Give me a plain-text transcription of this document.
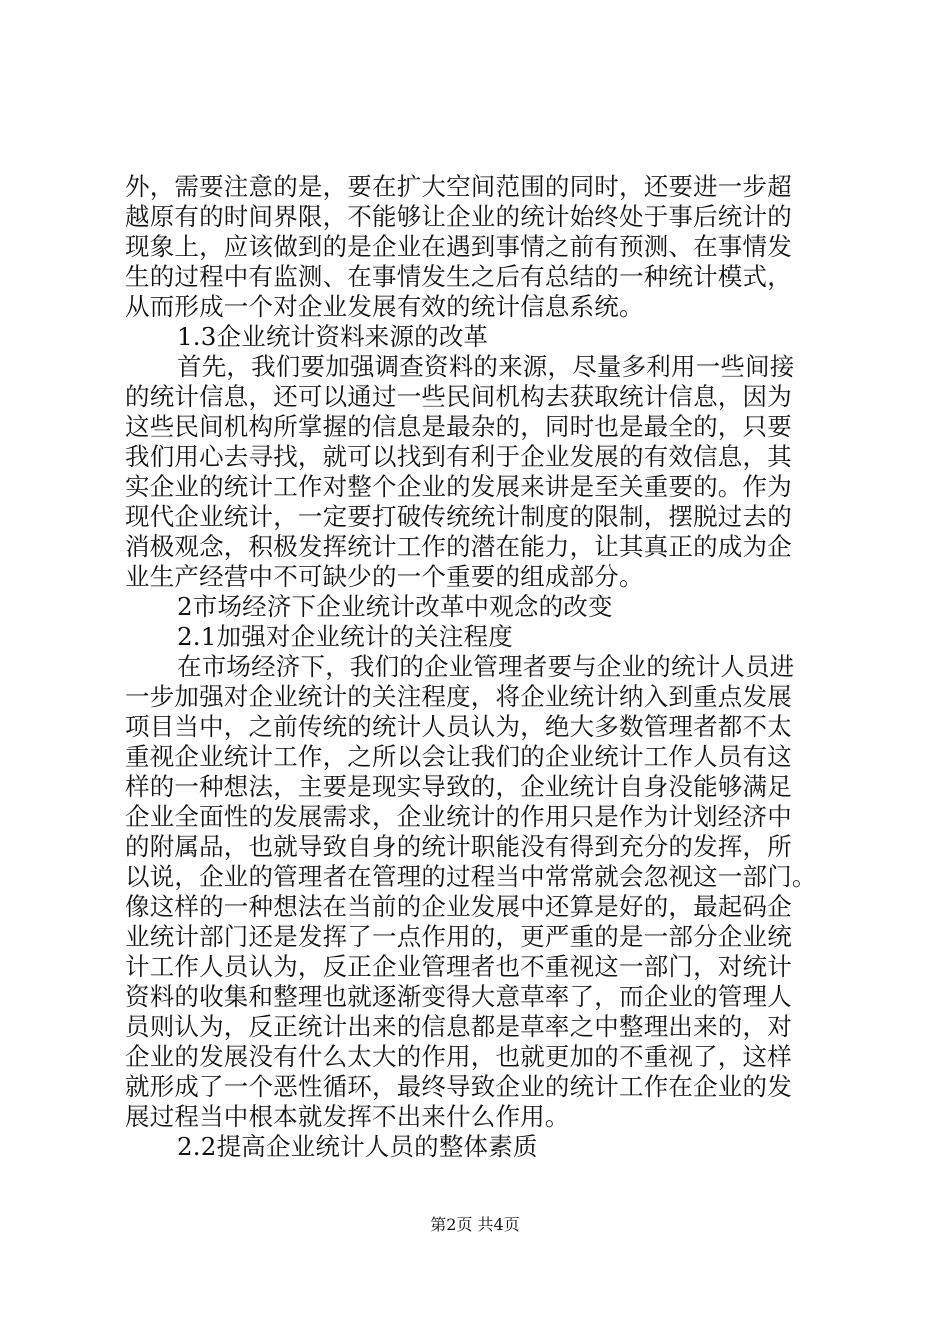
外，需要注意的是，要在扩大空间范围的同时，还要进一步超
越原有的时间界限，不能够让企业的统计始终处于事后统计的
现象上，应该做到的是企业在遇到事情之前有预测、在事情发
生的过程中有监测、在事情发生之后有总结的一种统计模式，
从而形成一个对企业发展有效的统计信息系统。
1.3企业统计资料来源的改革
首先，我们要加强调查资料的来源，尽量多利用一些间接
的统计信息，还可以通过一些民间机构去获取统计信息，因为
这些民间机构所掌握的信息是最杂的，同时也是最全的，只要
我们用心去寻找，就可以找到有利于企业发展的有效信息，其
实企业的统计工作对整个企业的发展来讲是至关重要的。作为
现代企业统计，一定要打破传统统计制度的限制，摆脱过去的
消极观念，积极发挥统计工作的潜在能力，让其真正的成为企
业生产经营中不可缺少的一个重要的组成部分。
2市场经济下企业统计改革中观念的改变
2.1加强对企业统计的关注程度
在市场经济下，我们的企业管理者要与企业的统计人员进
一步加强对企业统计的关注程度，将企业统计纳入到重点发展
项目当中，之前传统的统计人员认为，绝大多数管理者都不太
重视企业统计工作，之所以会让我们的企业统计工作人员有这
样的一种想法，主要是现实导致的，企业统计自身没能够满足
企业全面性的发展需求，企业统计的作用只是作为计划经济中
的附属品，也就导致自身的统计职能没有得到充分的发挥，所
以说，企业的管理者在管理的过程当中常常就会忽视这一部门。
像这样的一种想法在当前的企业发展中还算是好的，最起码企
业统计部门还是发挥了一点作用的，更严重的是一部分企业统
计工作人员认为，反正企业管理者也不重视这一部门，对统计
资料的收集和整理也就逐渐变得大意草率了，而企业的管理人
员则认为，反正统计出来的信息都是草率之中整理出来的，对
企业的发展没有什么太大的作用，也就更加的不重视了，这样
就形成了一个恶性循环，最终导致企业的统计工作在企业的发
展过程当中根本就发挥不出来什么作用。
2.2提高企业统计人员的整体素质
第2页 共4页
